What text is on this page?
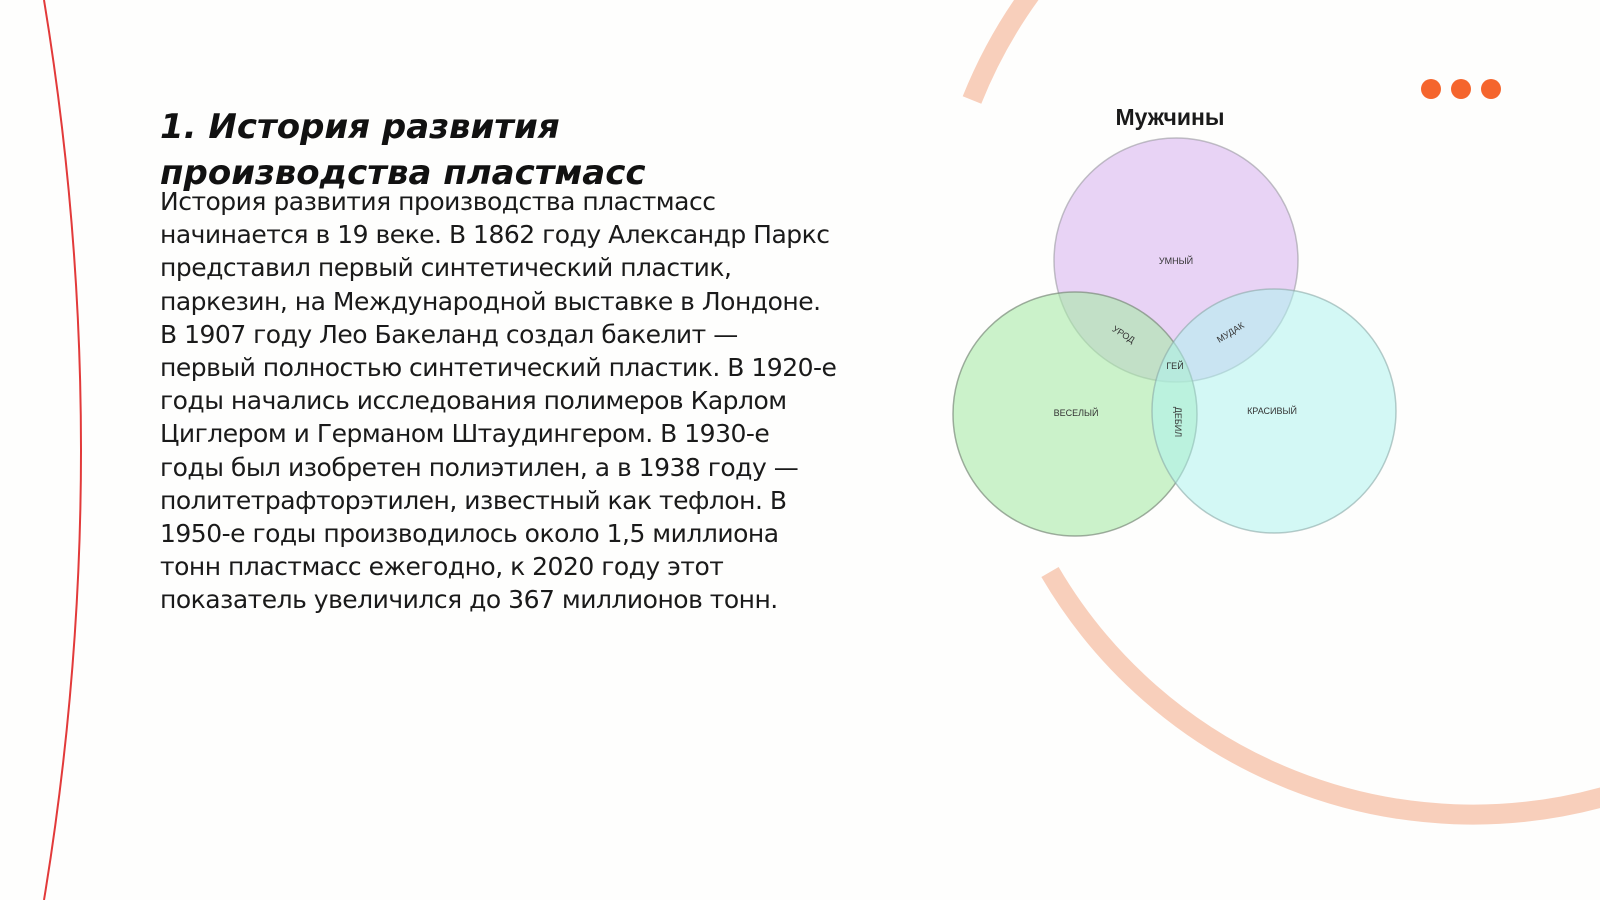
1. История развития производства пластмасс

История развития производства пластмасс начинается в 19 веке. В 1862 году Александр Паркс представил первый синтетический пластик, паркезин, на Международной выставке в Лондоне. В 1907 году Лео Бакеланд создал бакелит — первый полностью синтетический пластик. В 1920-е годы начались исследования полимеров Карлом Циглером и Германом Штаудингером. В 1930-е годы был изобретен полиэтилен, а в 1938 году — политетрафторэтилен, известный как тефлон. В 1950-е годы производилось около 1,5 миллиона тонн пластмасс ежегодно, к 2020 году этот показатель увеличился до 367 миллионов тонн.

Мужчины
УМНЫЙ
ВЕСЕЛЫЙ	КРАСИВЫЙ
УРОД	МУДАК
ГЕЙ
ДЕБИЛ
